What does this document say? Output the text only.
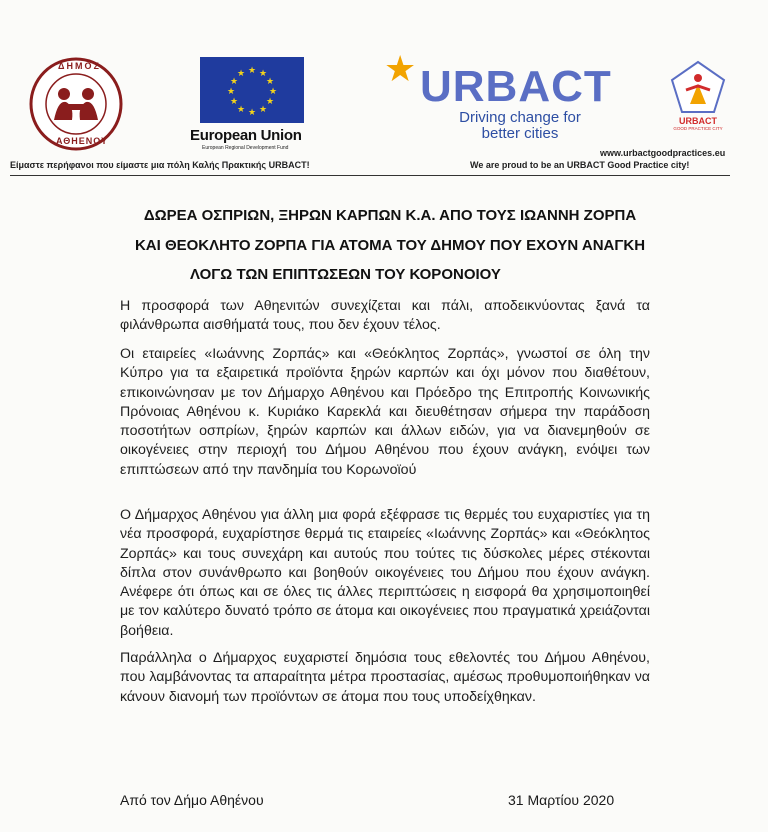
ΔΗΜΟΣ
ΑΘΗΕΝΟΥ
★ ★
★
★
★
★
★
★
★
★
★
★
European Union
European Regional Development Fund
★ URBACT
Driving change for better cities
URBACT
GOOD PRACTICE CITY
Είμαστε περήφανοι που είμαστε μια πόλη Καλής Πρακτικής URBACT!
www.urbactgoodpractices.eu
We are proud to be an URBACT Good Practice city!
ΔΩΡΕΑ ΟΣΠΡΙΩΝ, ΞΗΡΩΝ ΚΑΡΠΩΝ Κ.Α. ΑΠΟ ΤΟΥΣ ΙΩΑΝΝΗ ΖΟΡΠΑ
ΚΑΙ ΘΕΟΚΛΗΤΟ ΖΟΡΠΑ ΓΙΑ ΑΤΟΜΑ ΤΟΥ ΔΗΜΟΥ ΠΟΥ ΕΧΟΥΝ ΑΝΑΓΚΗ
ΛΟΓΩ ΤΩΝ ΕΠΙΠΤΩΣΕΩΝ ΤΟΥ ΚΟΡΟΝΟΙΟΥ
Η προσφορά των Αθηενιτών συνεχίζεται και πάλι, αποδεικνύοντας ξανά τα φιλάνθρωπα αισθήματά τους, που δεν έχουν τέλος.
Οι εταιρείες «Ιωάννης Ζορπάς» και «Θεόκλητος Ζορπάς», γνωστοί σε όλη την Κύπρο για τα εξαιρετικά προϊόντα ξηρών καρπών και όχι μόνον που διαθέτουν, επικοινώνησαν με τον Δήμαρχο Αθηένου και Πρόεδρο της Επιτροπής Κοινωνικής Πρόνοιας Αθηένου κ. Κυριάκο Καρεκλά και διευθέτησαν σήμερα την παράδοση ποσοτήτων οσπρίων, ξηρών καρπών και άλλων ειδών, για να διανεμηθούν σε οικογένειες στην περιοχή του Δήμου Αθηένου που έχουν ανάγκη, ενόψει των επιπτώσεων από την πανδημία του Κορωνοϊού
Ο Δήμαρχος Αθηένου για άλλη μια φορά εξέφρασε τις θερμές του ευχαριστίες για τη νέα προσφορά, ευχαρίστησε θερμά τις εταιρείες «Ιωάννης Ζορπάς» και «Θεόκλητος Ζορπάς» και τους συνεχάρη και αυτούς που τούτες τις δύσκολες μέρες στέκονται δίπλα στον συνάνθρωπο και βοηθούν οικογένειες του Δήμου που έχουν ανάγκη. Ανέφερε ότι όπως και σε όλες τις άλλες περιπτώσεις η εισφορά θα χρησιμοποιηθεί με τον καλύτερο δυνατό τρόπο σε άτομα και οικογένειες που πραγματικά χρειάζονται βοήθεια.
Παράλληλα ο Δήμαρχος ευχαριστεί δημόσια τους εθελοντές του Δήμου Αθηένου, που λαμβάνοντας τα απαραίτητα μέτρα προστασίας, αμέσως προθυμοποιήθηκαν να κάνουν διανομή των προϊόντων σε άτομα που τους υποδείχθηκαν.
Από τον Δήμο Αθηένου	31 Μαρτίου 2020
